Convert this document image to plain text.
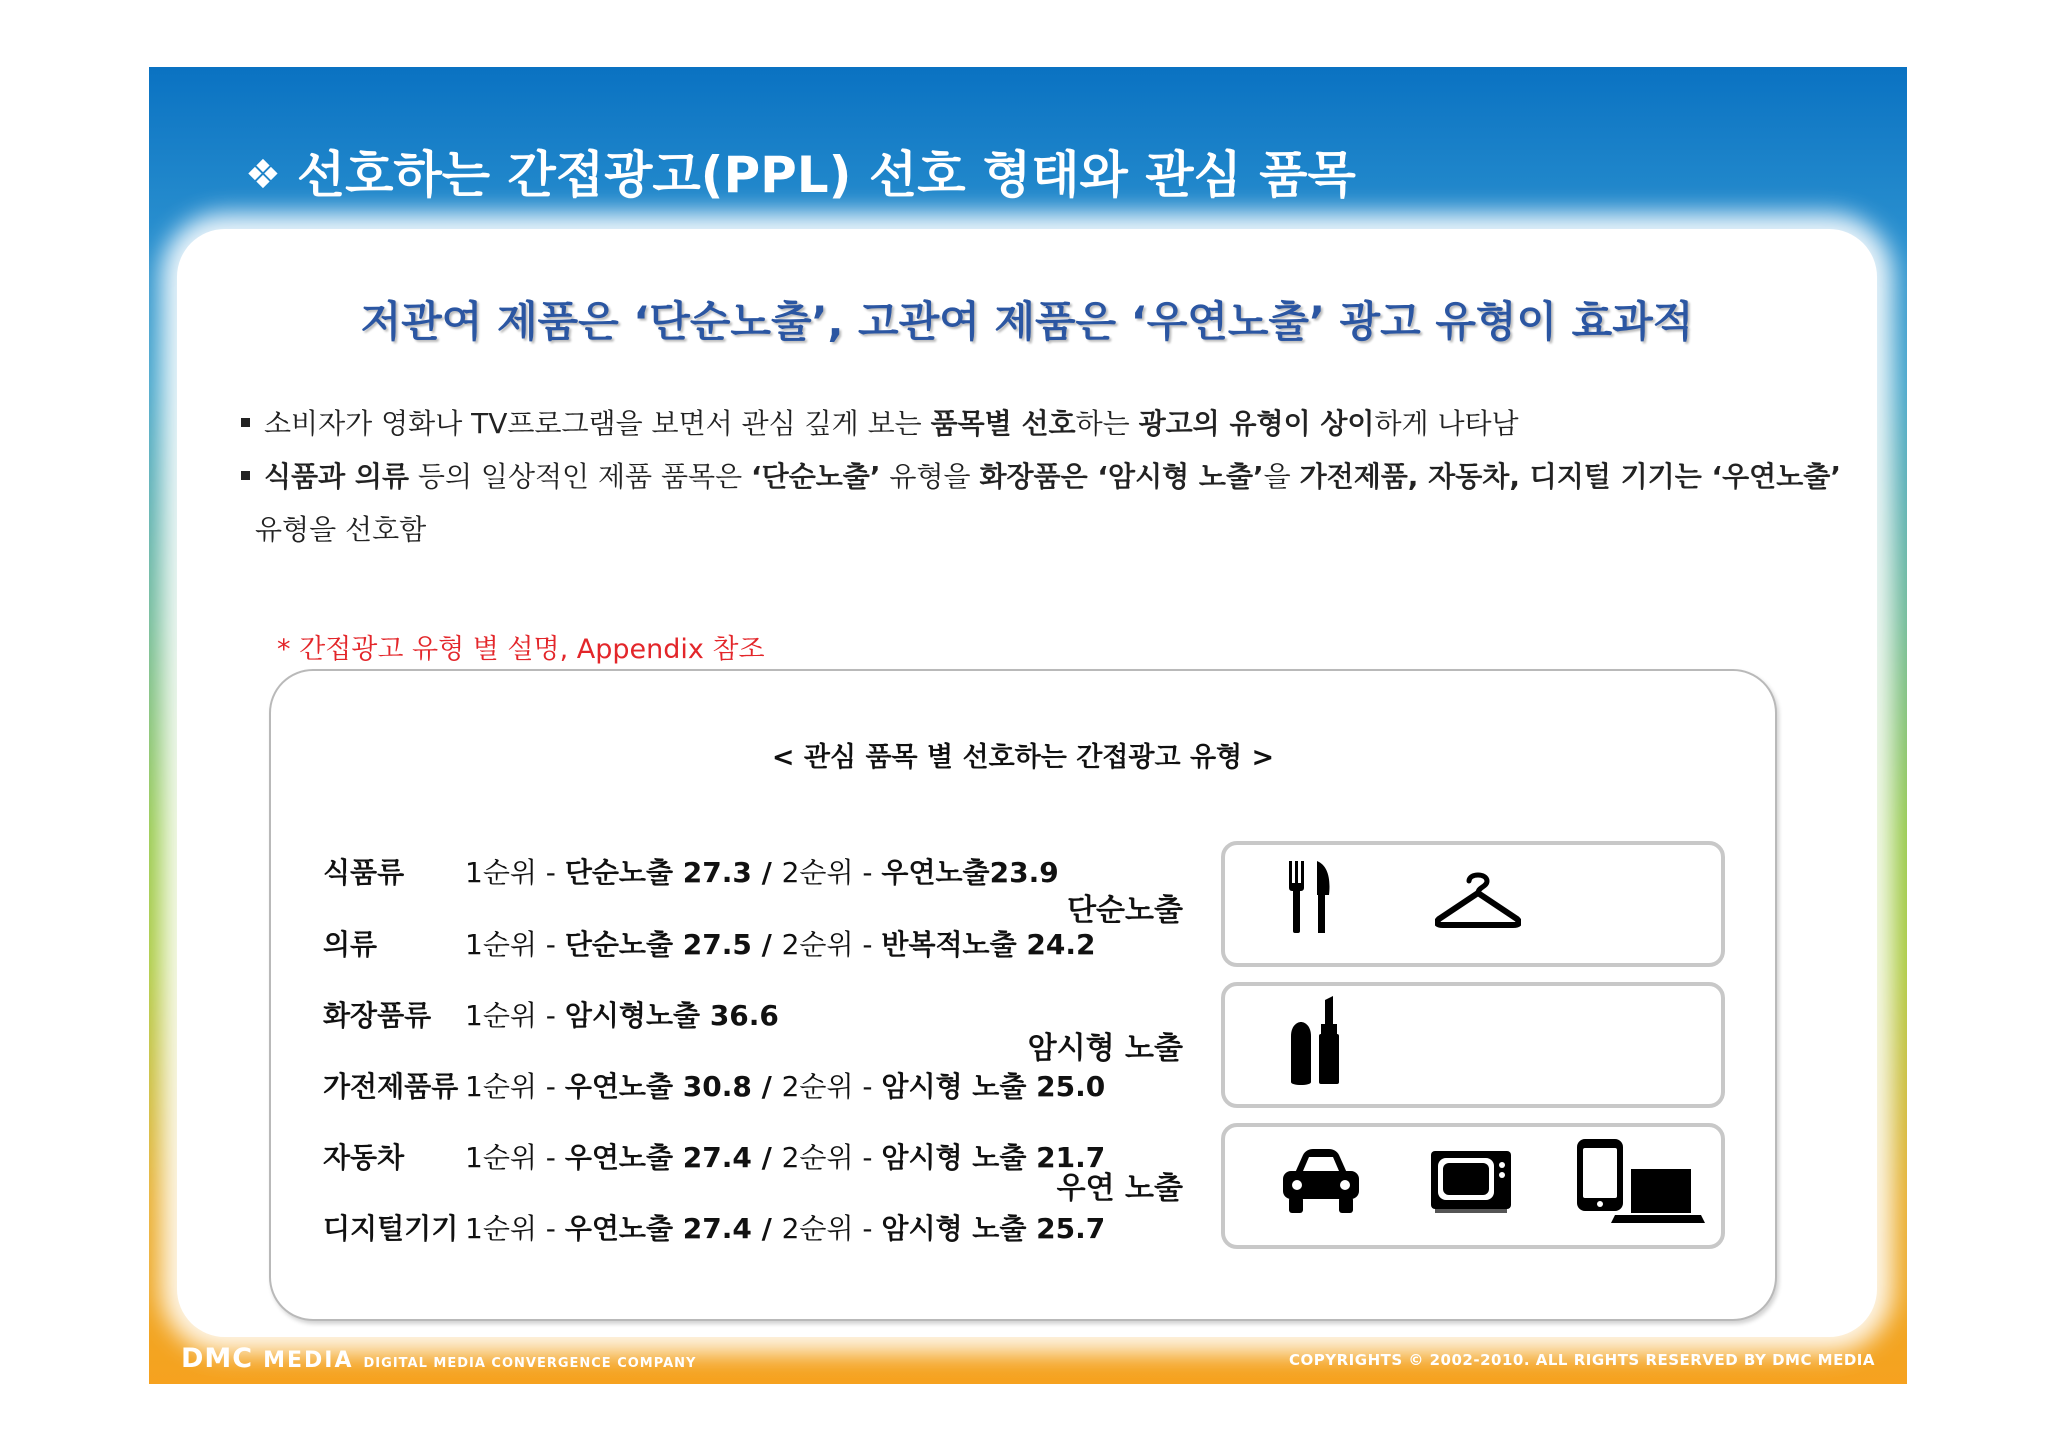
❖ 선호하는 간접광고(PPL) 선호 형태와 관심 품목
저관여 제품은 ‘단순노출’, 고관여 제품은 ‘우연노출’ 광고 유형이 효과적
소비자가 영화나 TV프로그램을 보면서 관심 깊게 보는 품목별 선호하는 광고의 유형이 상이하게 나타남
식품과 의류 등의 일상적인 제품 품목은 ‘단순노출’ 유형을 화장품은 ‘암시형 노출’을 가전제품, 자동차, 디지털 기기는 ‘우연노출’
유형을 선호함
* 간접광고 유형 별 설명, Appendix 참조
< 관심 품목 별 선호하는 간접광고 유형 >
식품류 1순위 - 단순노출 27.3 / 2순위 - 우연노출23.9
의류	1순위 - 단순노출 27.5 / 2순위 - 반복적노출 24.2
화장품류 1순위 - 암시형노출 36.6
가전제품류 1순위 - 우연노출 30.8 / 2순위 - 암시형 노출 25.0
자동차 1순위 - 우연노출 27.4 / 2순위 - 암시형 노출 21.7
디지털기기 1순위 - 우연노출 27.4 / 2순위 - 암시형 노출 25.7
단순노출
암시형 노출
우연 노출
DMC MEDIA DIGITAL MEDIA CONVERGENCE COMPANY	COPYRIGHTS © 2002-2010. ALL RIGHTS RESERVED BY DMC MEDIA
